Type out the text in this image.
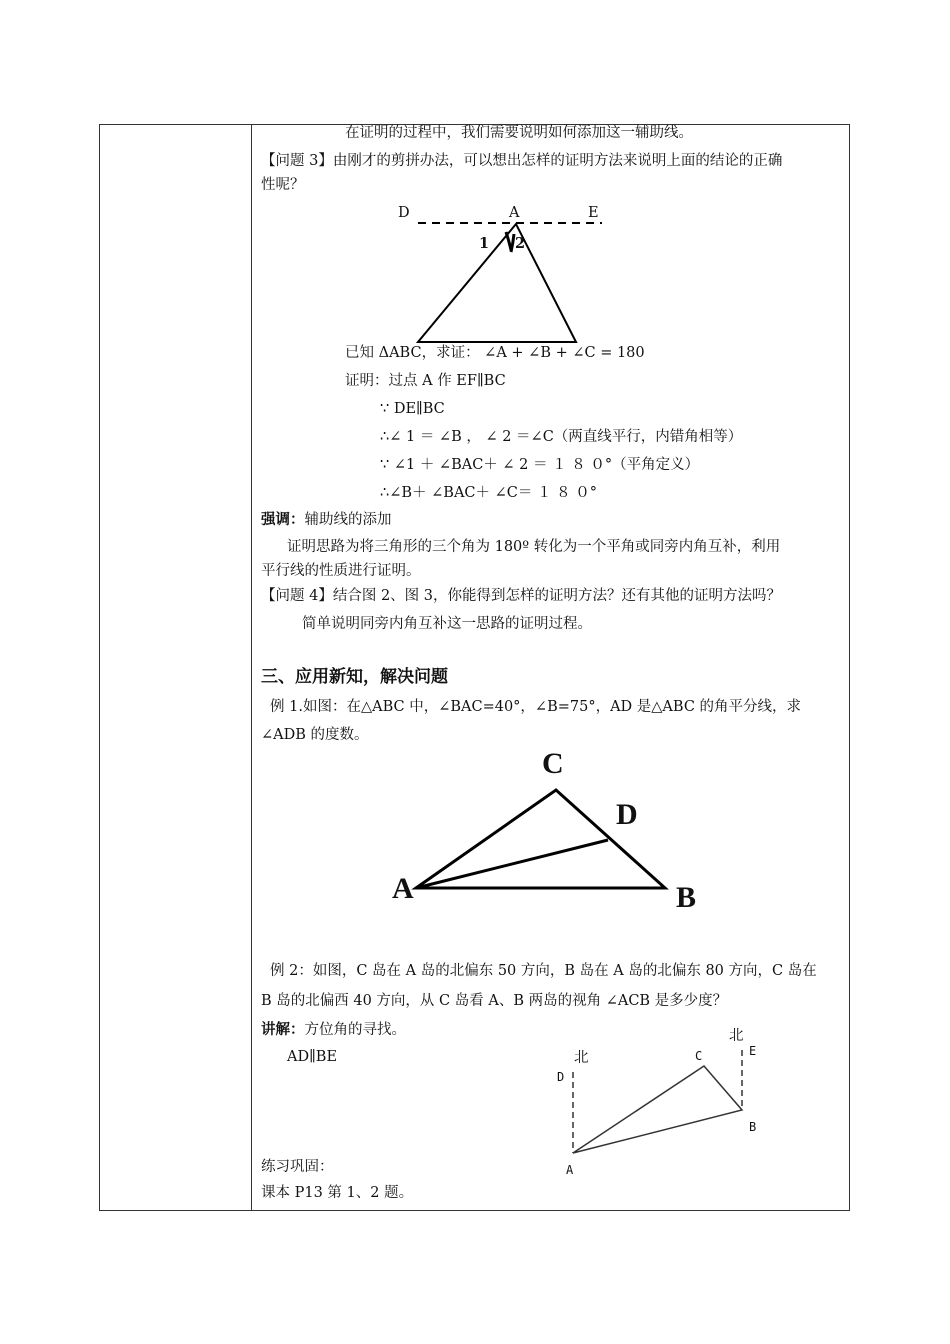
在证明的过程中，我们需要说明如何添加这一辅助线。
【问题 3】由刚才的剪拼办法，可以想出怎样的证明方法来说明上面的结论的正确
性呢？
D	A	E
1 2
已知 ΔABC，求证： ∠A + ∠B + ∠C = 180
证明：过点 A 作 EF∥BC
∵ DE∥BC
∴∠ 1 ＝ ∠B ， ∠ 2 ＝∠C（两直线平行，内错角相等）
∵ ∠1 ＋ ∠BAC＋ ∠ 2 ＝ １ ８ ０°（平角定义）
∴∠B＋ ∠BAC＋ ∠C＝ １ ８ ０°
强调：辅助线的添加
证明思路为将三角形的三个角为 180º 转化为一个平角或同旁内角互补，利用
平行线的性质进行证明。
【问题 4】结合图 2、图 3，你能得到怎样的证明方法？还有其他的证明方法吗？
简单说明同旁内角互补这一思路的证明过程。
三、应用新知，解决问题
例 1.如图：在△ABC 中，∠BAC=40°，∠B=75°，AD 是△ABC 的角平分线，求
∠ADB 的度数。
C
D
A	B
例 2：如图，C 岛在 A 岛的北偏东 50 方向，B 岛在 A 岛的北偏东 80 方向，C 岛在
B 岛的北偏西 40 方向，从 C 岛看 A、B 两岛的视角 ∠ACB 是多少度？
讲解：方位角的寻找。
AD∥BE	北
北
D
E
C
B
A
练习巩固：
课本 P13 第 1、2 题。
